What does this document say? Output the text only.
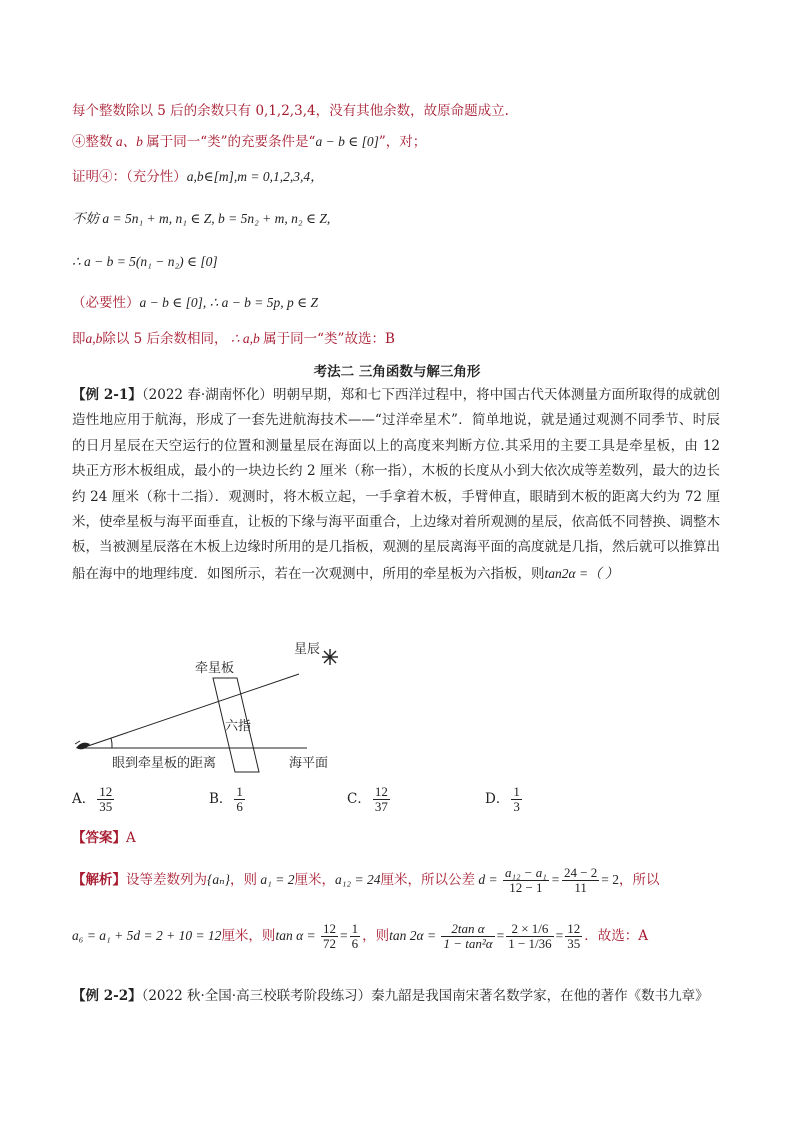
每个整数除以 5 后的余数只有 0,1,2,3,4，没有其他余数，故原命题成立.
④整数 a、b 属于同一“类”的充要条件是“a − b ∈ [0]”，对；
证明④：（充分性）a,b∈[m],m = 0,1,2,3,4，
不妨 a = 5n₁ + m, n₁ ∈ Z, b = 5n₂ + m, n₂ ∈ Z,
∴ a − b = 5(n₁ − n₂) ∈ [0]
（必要性）a − b ∈ [0], ∴ a − b = 5p, p ∈ Z
即a,b除以 5 后余数相同， ∴ a,b 属于同一“类”故选：B
考法二 三角函数与解三角形
【例 2-1】（2022 春·湖南怀化）明朝早期，郑和七下西洋过程中，将中国古代天体测量方面所取得的成就创造性地应用于航海，形成了一套先进航海技术——“过洋牵星术”．简单地说，就是通过观测不同季节、时辰的日月星辰在天空运行的位置和测量星辰在海面以上的高度来判断方位.其采用的主要工具是牵星板，由 12 块正方形木板组成，最小的一块边长约 2 厘米（称一指），木板的长度从小到大依次成等差数列，最大的边长约 24 厘米（称十二指）．观测时，将木板立起，一手拿着木板，手臂伸直，眼睛到木板的距离大约为 72 厘米，使牵星板与海平面垂直，让板的下缘与海平面重合，上边缘对着所观测的星辰，依高低不同替换、调整木板，当被测星辰落在木板上边缘时所用的是几指板，观测的星辰离海平面的高度就是几指，然后就可以推算出船在海中的地理纬度．如图所示，若在一次观测中，所用的牵星板为六指板，则tan2α =（ ）
星辰
牵星板
六指
眼到牵星板的距离	海平面
A． $\frac{12}{35}$	B． $\frac{1}{6}$	C． $\frac{12}{37}$	D． $\frac{1}{3}$
【答案】A
【解析】设等差数列为{aₙ}，则 a₁ = 2厘米，a₁₂ = 24厘米，所以公差 $d = \frac{\text{a₁₂ − a₁}}{12 - 1} = \frac{24 - 2}{11} = 2$，所以
a₆ = a₁ + 5d = 2 + 10 = 12厘米，则$\tan \alpha = \frac{12}{72} = \frac{1}{6}$ ，则$\tan 2\alpha = \frac{\text{2tan α}}{\text{1 − tan²α}} = \frac{2 \times 1/6}{1 - 1/36} = \frac{12}{35}$ ．故选：A
【例 2-2】（2022 秋·全国·高三校联考阶段练习）秦九韶是我国南宋著名数学家，在他的著作《数书九章》
